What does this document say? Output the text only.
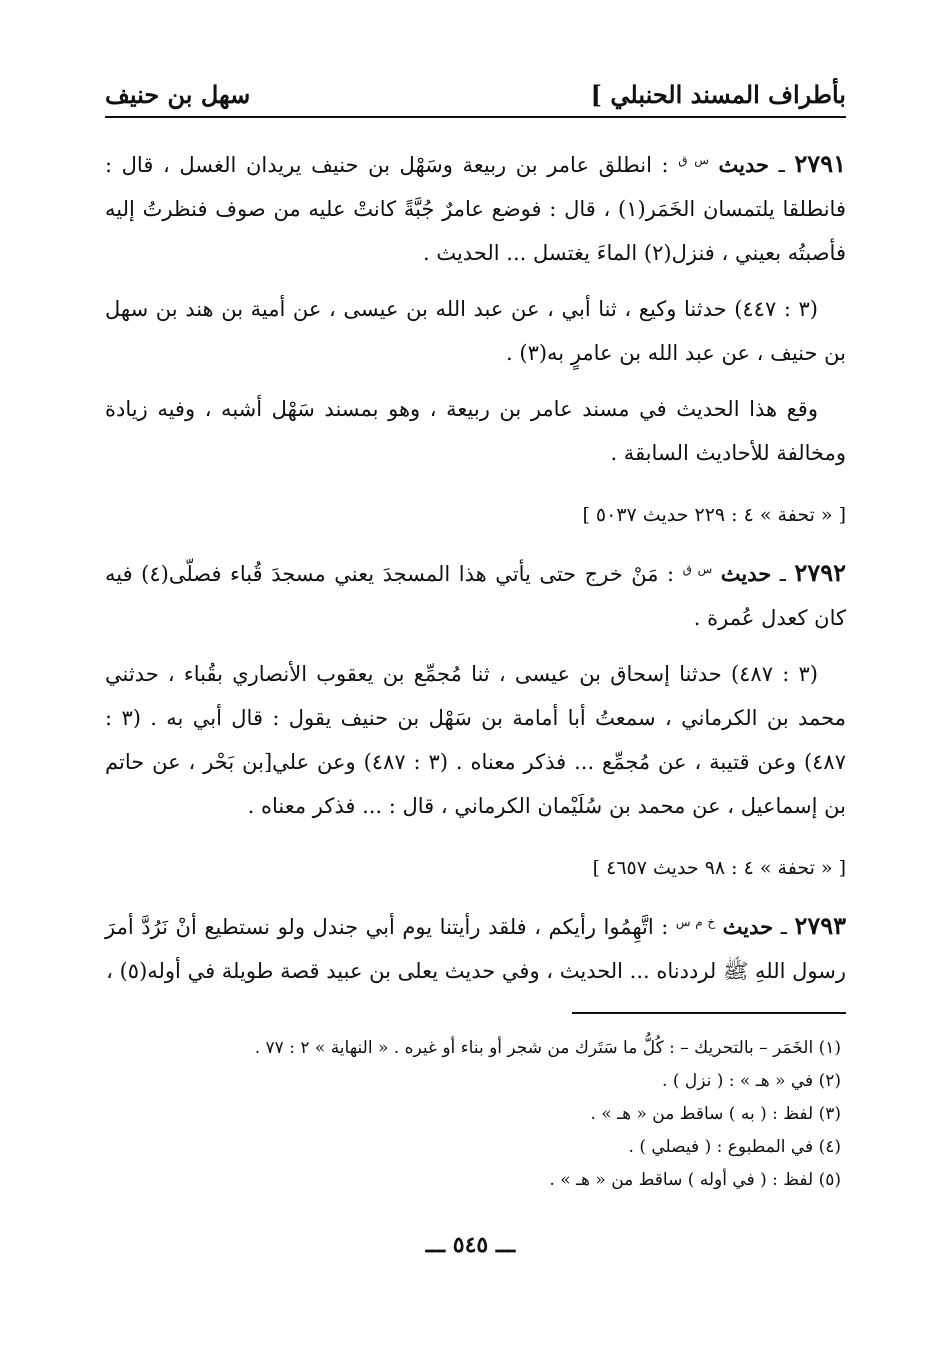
بأطراف المسند الحنبلي ]
سهل بن حنيف

٢٧٩١ ـ حديث $^{س ق}$ : انطلق عامر بن ربيعة وسَهْل بن حنيف يريدان الغسل ، قال : فانطلقا يلتمسان الخَمَر(١) ، قال : فوضع عامرٌ جُبَّةً كانتْ عليه من صوف فنظرتُ إليه فأصبتُه بعيني ، فنزل(٢) الماءَ يغتسل ... الحديث .

(٣ : ٤٤٧) حدثنا وكيع ، ثنا أبي ، عن عبد الله بن عيسى ، عن أمية بن هند بن سهل بن حنيف ، عن عبد الله بن عامرٍ به(٣) .

وقع هذا الحديث في مسند عامر بن ربيعة ، وهو بمسند سَهْل أشبه ، وفيه زيادة ومخالفة للأحاديث السابقة .

[ « تحفة » ٤ : ٢٢٩ حديث ٥٠٣٧ ]

٢٧٩٢ ـ حديث $^{س ق}$ : مَنْ خرج حتى يأتي هذا المسجدَ يعني مسجدَ قُباء فصلّى(٤) فيه كان كعدل عُمرة .

(٣ : ٤٨٧) حدثنا إسحاق بن عيسى ، ثنا مُجمِّع بن يعقوب الأنصاري بقُباء ، حدثني محمد بن الكرماني ، سمعتُ أبا أمامة بن سَهْل بن حنيف يقول : قال أبي به . (٣ : ٤٨٧) وعن قتيبة ، عن مُجمِّع ... فذكر معناه . (٣ : ٤٨٧) وعن علي[بن بَحْر ، عن حاتم بن إسماعيل ، عن محمد بن سُلَيْمان الكرماني ، قال : ... فذكر معناه .

[ « تحفة » ٤ : ٩٨ حديث ٤٦٥٧ ]

٢٧٩٣ ـ حديث $^{خ م س}$ : اتَّهِمُوا رأيكم ، فلقد رأيتنا يوم أبي جندل ولو نستطيع أنْ نَرُدَّ أمرَ رسول اللهِ ﷺ لرددناه ... الحديث ، وفي حديث يعلى بن عبيد قصة طويلة في أوله(٥) ،

(١) الخَمَر – بالتحريك – : كُلُّ ما سَتَرك من شجر أو بناء أو غيره . « النهاية » ٢ : ٧٧ .

(٢) في « هـ » : ( نزل ) .

(٣) لفظ : ( به ) ساقط من « هـ » .

(٤) في المطبوع : ( فيصلي ) .

(٥) لفظ : ( في أوله ) ساقط من « هـ » .

ـــ ٥٤٥ ـــ
